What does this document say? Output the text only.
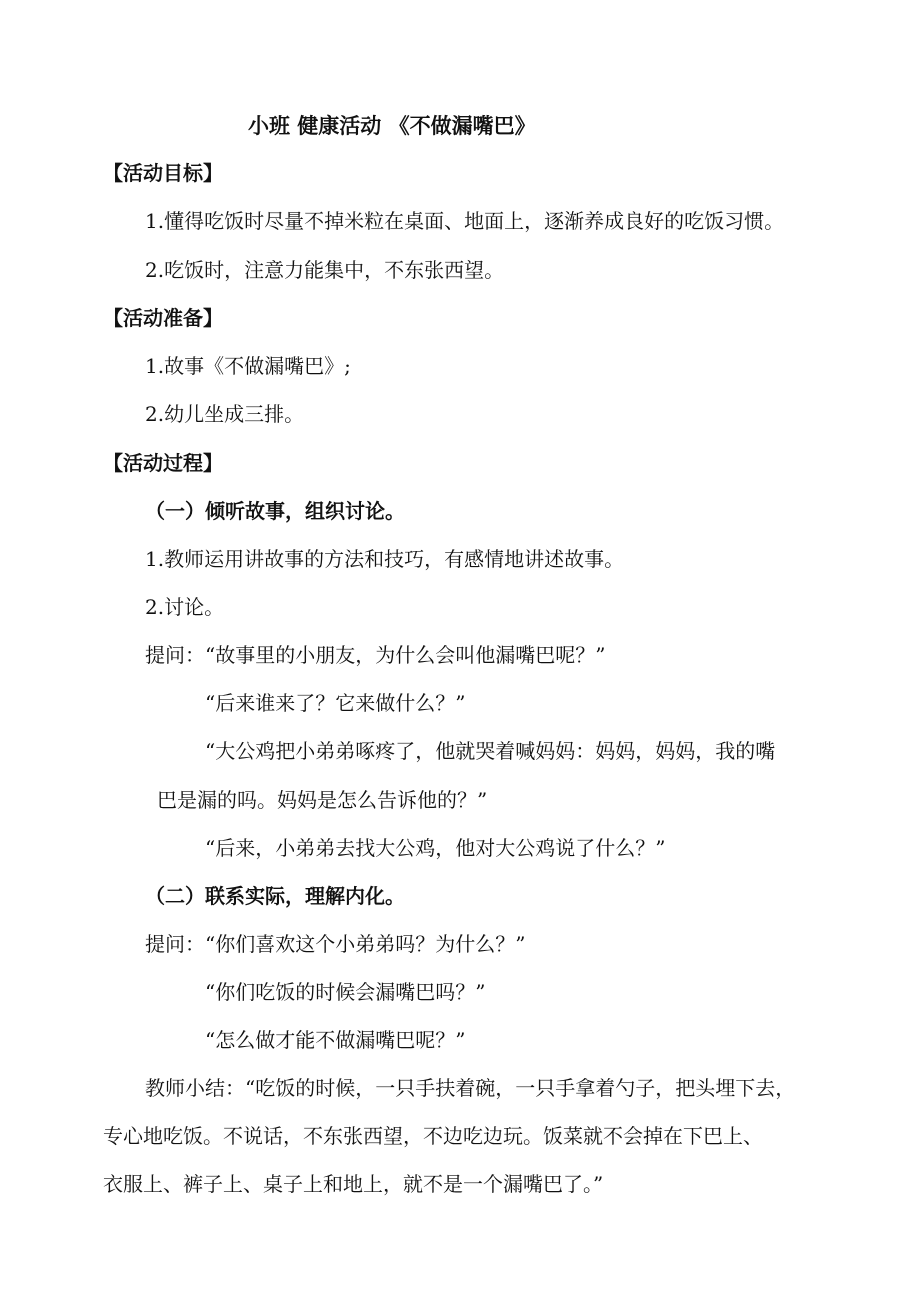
小班 健康活动 《不做漏嘴巴》
【活动目标】
1.懂得吃饭时尽量不掉米粒在桌面、地面上，逐渐养成良好的吃饭习惯。
2.吃饭时，注意力能集中，不东张西望。
【活动准备】
1.故事《不做漏嘴巴》;
2.幼儿坐成三排。
【活动过程】
（一）倾听故事，组织讨论。
1.教师运用讲故事的方法和技巧，有感情地讲述故事。
2.讨论。
提问：“故事里的小朋友，为什么会叫他漏嘴巴呢？”
“后来谁来了？它来做什么？”
“大公鸡把小弟弟啄疼了，他就哭着喊妈妈：妈妈，妈妈，我的嘴
巴是漏的吗。妈妈是怎么告诉他的？”
“后来，小弟弟去找大公鸡，他对大公鸡说了什么？”
（二）联系实际，理解内化。
提问：“你们喜欢这个小弟弟吗？为什么？”
“你们吃饭的时候会漏嘴巴吗？”
“怎么做才能不做漏嘴巴呢？”
教师小结：“吃饭的时候，一只手扶着碗，一只手拿着勺子，把头埋下去，
专心地吃饭。不说话，不东张西望，不边吃边玩。饭菜就不会掉在下巴上、
衣服上、裤子上、桌子上和地上，就不是一个漏嘴巴了。”
